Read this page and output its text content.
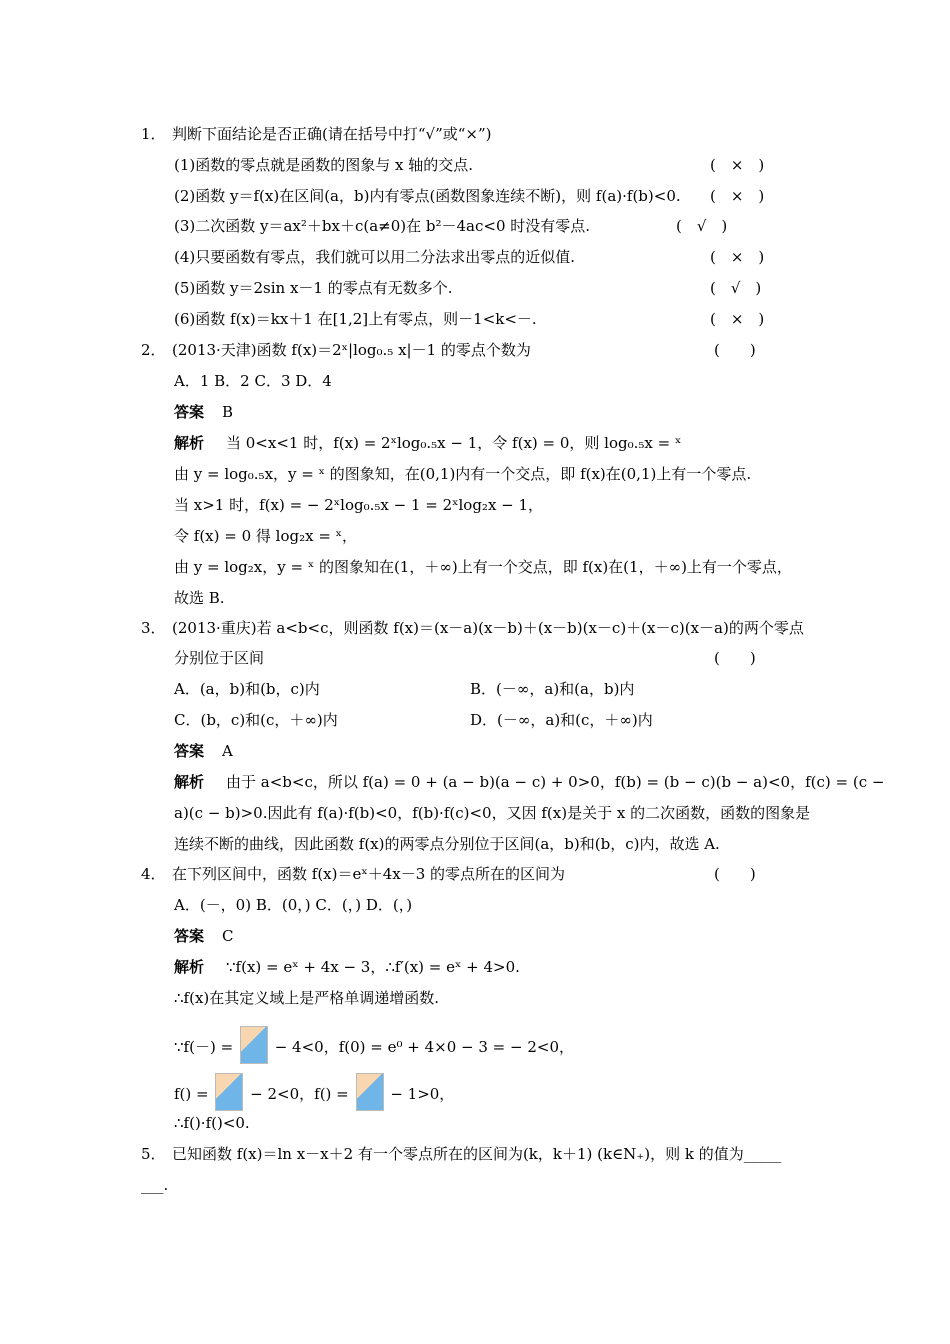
1． 判断下面结论是否正确(请在括号中打“√”或“×”)
(1)函数的零点就是函数的图象与 x 轴的交点.	(　×　)
(2)函数 y＝f(x)在区间(a，b)内有零点(函数图象连续不断)，则 f(a)·f(b)<0. (　×　)
(3)二次函数 y＝ax²＋bx＋c(a≠0)在 b²－4ac<0 时没有零点.	(　√　)
(4)只要函数有零点，我们就可以用二分法求出零点的近似值.	(　×　)
(5)函数 y＝2sin x－1 的零点有无数多个.	(　√　)
(6)函数 f(x)＝kx＋1 在[1,2]上有零点，则－1<k<－.	(　×　)
2． (2013·天津)函数 f(x)＝2ˣ|log₀.₅ x|－1 的零点个数为	(　　)
A．1 B．2 C．3 D．4
答案 B
解析 当 0<x<1 时，f(x) = 2ˣlog₀.₅x − 1，令 f(x) = 0，则 log₀.₅x = ˣ
由 y = log₀.₅x，y = ˣ 的图象知，在(0,1)内有一个交点，即 f(x)在(0,1)上有一个零点.
当 x>1 时，f(x) = − 2ˣlog₀.₅x − 1 = 2ˣlog₂x − 1，
令 f(x) = 0 得 log₂x = ˣ，
由 y = log₂x，y = ˣ 的图象知在(1，＋∞)上有一个交点，即 f(x)在(1，＋∞)上有一个零点，
故选 B.
3． (2013·重庆)若 a<b<c，则函数 f(x)＝(x－a)(x－b)＋(x－b)(x－c)＋(x－c)(x－a)的两个零点
分别位于区间	(　　)
A．(a，b)和(b，c)内	B．(－∞，a)和(a，b)内
C．(b，c)和(c，＋∞)内	D．(－∞，a)和(c，＋∞)内
答案 A
解析 由于 a<b<c，所以 f(a) = 0 + (a − b)(a − c) + 0>0，f(b) = (b − c)(b − a)<0，f(c) = (c −
a)(c − b)>0.因此有 f(a)·f(b)<0，f(b)·f(c)<0，又因 f(x)是关于 x 的二次函数，函数的图象是
连续不断的曲线，因此函数 f(x)的两零点分别位于区间(a，b)和(b，c)内，故选 A.
4． 在下列区间中，函数 f(x)＝eˣ＋4x－3 的零点所在的区间为	(　　)
A．(－，0) B．(0，) C．(，) D．(，)
答案 C
解析 ∵f(x) = eˣ + 4x − 3，∴f′(x) = eˣ + 4>0.
∴f(x)在其定义域上是严格单调递增函数.
∵f(－) =	− 4<0，f(0) = e⁰ + 4×0 − 3 = − 2<0，
f() =	− 2<0，f() =	− 1>0，
∴f()·f()<0.
5． 已知函数 f(x)＝ln x－x＋2 有一个零点所在的区间为(k，k＋1) (k∈N₊)，则 k 的值为_____
___.
